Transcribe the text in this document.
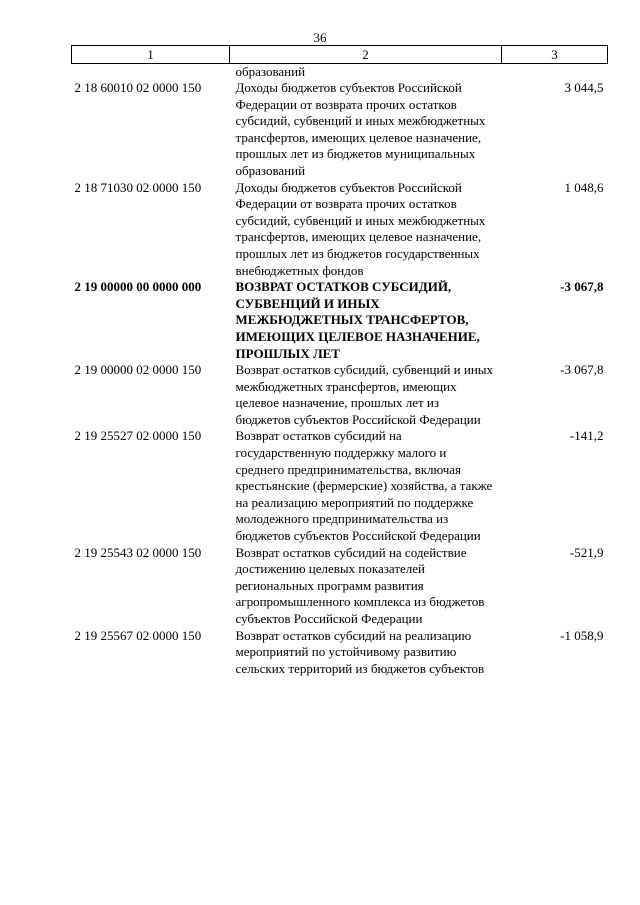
36
1	2	3
	образований	
2 18 60010 02 0000 150	Доходы бюджетов субъектов Российской Федерации от возврата прочих остатков субсидий, субвенций и иных межбюджетных трансфертов, имеющих целевое назначение, прошлых лет из бюджетов муниципальных образований	3 044,5
2 18 71030 02 0000 150	Доходы бюджетов субъектов Российской Федерации от возврата прочих остатков субсидий, субвенций и иных межбюджетных трансфертов, имеющих целевое назначение, прошлых лет из бюджетов государственных внебюджетных фондов	1 048,6
2 19 00000 00 0000 000	ВОЗВРАТ ОСТАТКОВ СУБСИДИЙ, СУБВЕНЦИЙ И ИНЫХ МЕЖБЮДЖЕТНЫХ ТРАНСФЕРТОВ, ИМЕЮЩИХ ЦЕЛЕВОЕ НАЗНАЧЕНИЕ, ПРОШЛЫХ ЛЕТ	-3 067,8
2 19 00000 02 0000 150	Возврат остатков субсидий, субвенций и иных межбюджетных трансфертов, имеющих целевое назначение, прошлых лет из бюджетов субъектов Российской Федерации	-3 067,8
2 19 25527 02 0000 150	Возврат остатков субсидий на государственную поддержку малого и среднего предпринимательства, включая крестьянские (фермерские) хозяйства, а также на реализацию мероприятий по поддержке молодежного предпринимательства из бюджетов субъектов Российской Федерации	-141,2
2 19 25543 02 0000 150	Возврат остатков субсидий на содействие достижению целевых показателей региональных программ развития агропромышленного комплекса из бюджетов субъектов Российской Федерации	-521,9
2 19 25567 02 0000 150	Возврат остатков субсидий на реализацию мероприятий по устойчивому развитию сельских территорий из бюджетов субъектов	-1 058,9
